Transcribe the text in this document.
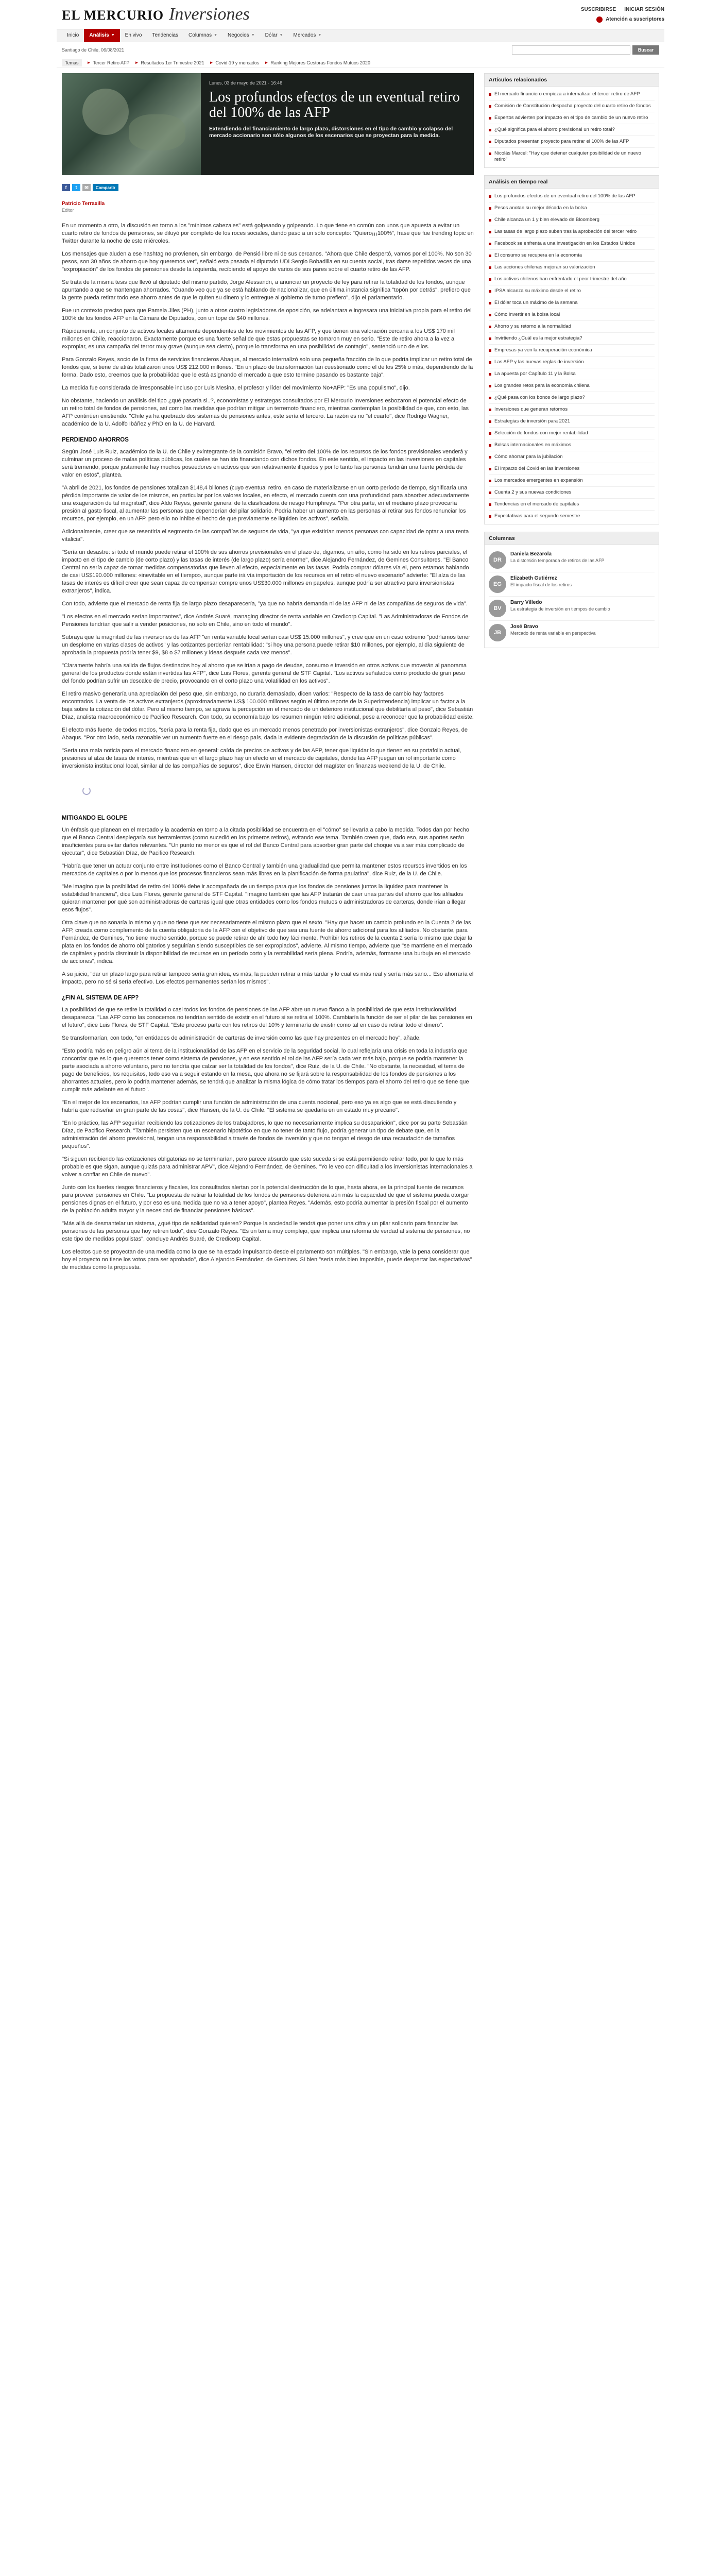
EL MERCURIO Inversiones	SUSCRIBIRSE INICIAR SESIÓN
Atención a suscriptores
Inicio Análisis ▼ En vivo Tendencias Columnas ▼ Negocios ▼ Dólar ▼ Mercados ▼
Santiago de Chile, 06/08/2021	Buscar
Temas	► Tercer Retiro AFP ► Resultados 1er Trimestre 2021 ► Covid-19 y mercados ► Ranking Mejores Gestoras Fondos Mutuos 2020
Lunes, 03 de mayo de 2021 - 16:46
Los profundos efectos de un eventual retiro del 100% de las AFP
Extendiendo del financiamiento de largo plazo, distorsiones en el tipo de cambio y colapso del mercado accionario son sólo algunos de los escenarios que se proyectan para la medida.
f	t	✉	Compartir
Patricio Terraxilla
Editor

En un momento a otro, la discusión en torno a los "mínimos cabezales" está golpeando y golpeando. Lo que tiene en común con unos que apuesta a evitar un cuarto retiro de fondos de pensiones, se diluyó por completo de los roces sociales, dando paso a un sólo concepto: "Quiero¡¡¡100%", frase que fue trending topic en Twitter durante la noche de este miércoles.

Los mensajes que aluden a ese hashtag no provienen, sin embargo, de Pensió libre ni de sus cercanos. "Ahora que Chile despertó, vamos por el 100%. No son 30 pesos, son 30 años de ahorro que hoy queremos ver", señaló esta pasada el diputado UDI Sergio Bobadilla en su cuenta social, tras darse repetidos veces de una "expropiación" de los fondos de pensiones desde la izquierda, recibiendo el apoyo de varios de sus pares sobre el cuarto retiro de las AFP.

Se trata de la misma tesis que llevó al diputado del mismo partido, Jorge Alessandri, a anunciar un proyecto de ley para retirar la totalidad de los fondos, aunque apuntando a que se mantengan ahorrados. "Cuando veo que ya se está hablando de nacionalizar, que en última instancia significa "topón por detrás", prefiero que la gente pueda retirar todo ese ahorro antes de que le quiten su dinero y lo entregue al gobierno de turno prefiero", dijo el parlamentario.

Fue un contexto preciso para que Pamela Jiles (PH), junto a otros cuatro legisladores de oposición, se adelantara e ingresara una iniciativa propia para el retiro del 100% de los fondos AFP en la Cámara de Diputados, con un tope de $40 millones.

Rápidamente, un conjunto de activos locales altamente dependientes de los movimientos de las AFP, y que tienen una valoración cercana a los US$ 170 mil millones en Chile, reaccionaron. Exactamente porque es una fuerte señal de que estas propuestas se tomaron muy en serio. "Este de retiro ahora a la vez a expropiar, es una campaña del terror muy grave (aunque sea cierto), porque lo transforma en una posibilidad de contagio", sentenció uno de ellos.

Para Gonzalo Reyes, socio de la firma de servicios financieros Abaqus, al mercado internalizó solo una pequeña fracción de lo que podría implicar un retiro total de fondos que, si tiene de atrás totalizaron unos US$ 212.000 millones. "En un plazo de transformación tan cuestionado como el de los 25% o más, dependiendo de la forma. Dado esto, creemos que la probabilidad que le está asignando el mercado a que esto termine pasando es bastante baja".

La medida fue considerada de irresponsable incluso por Luis Mesina, el profesor y líder del movimiento No+AFP: "Es una populismo", dijo.

No obstante, haciendo un análisis del tipo ¿qué pasaría si..?, economistas y estrategas consultados por El Mercurio Inversiones esbozaron el potencial efecto de un retiro total de fondos de pensiones, así como las medidas que podrían mitigar un terremoto financiero, mientras contemplan la posibilidad de que, con esto, las AFP continúen existiendo. "Chile ya ha quebrado dos sistemas de pensiones antes, este sería el tercero. La razón es no "el cuarto", dice Rodrigo Wagner, académico de la U. Adolfo Ibáñez y PhD en la U. de Harvard.

PERDIENDO AHORROS

Según José Luis Ruiz, académico de la U. de Chile y exintegrante de la comisión Bravo, "el retiro del 100% de los recursos de los fondos previsionales venderá y culminar un proceso de malas políticas públicas, los cuales se han ido financiando con dichos fondos. En este sentido, el impacto en las inversiones en capitales será tremendo, porque justamente hay muchos poseedores en activos que son relativamente ilíquidos y por lo tanto las personas tendrán una fuerte pérdida de valor en estos", plantea.

"A abril de 2021, los fondos de pensiones totalizan $148,4 billones (cuyo eventual retiro, en caso de materializarse en un corto período de tiempo, significaría una pérdida importante de valor de los mismos, en particular por los valores locales, en efecto, el mercado cuenta con una profundidad para absorber adecuadamente una exageración de tal magnitud", dice Aldo Reyes, gerente general de la clasificadora de riesgo Humphreys. "Por otra parte, en el mediano plazo provocaría presión al gasto fiscal, al aumentar las personas que dependerían del pilar solidario. Podría haber un aumento en las personas al retirar sus fondos renunciar los recursos, por ejemplo, en un AFP, pero ello no inhibe el hecho de que previamente se liquiden los activos", señala.

Adicionalmente, creer que se resentiría el segmento de las compañías de seguros de vida, "ya que existirían menos personas con capacidad de optar a una renta vitalicia".

"Sería un desastre: si todo el mundo puede retirar el 100% de sus ahorros previsionales en el plazo de, digamos, un año, como ha sido en los retiros parciales, el impacto en el tipo de cambio (de corto plazo) y las tasas de interés (de largo plazo) sería enorme", dice Alejandro Fernández, de Gemines Consultores. "El Banco Central no sería capaz de tomar medidas compensatorias que lleven al efecto, especialmente en las tasas. Podría comprar dólares vía el, pero estamos hablando de casi US$190.000 millones: «inevitable en el tiempo», aunque parte irá vía importación de los recursos en el retiro el nuevo escenario" advierte: "El alza de las tasas de interés es difícil creer que sean capaz de compensar compre unos US$30.000 millones en papeles, aunque podría ser atractivo para inversionistas extranjeros", indica.

Con todo, advierte que el mercado de renta fija de largo plazo desaparecería, "ya que no habría demanda ni de las AFP ni de las compañías de seguros de vida".

"Los efectos en el mercado serían importantes", dice Andrés Suaré, managing director de renta variable en Credicorp Capital. "Las Administradoras de Fondos de Pensiones tendrían que salir a vender posiciones, no solo en Chile, sino en todo el mundo".

Subraya que la magnitud de las inversiones de las AFP "en renta variable local serían casi US$ 15.000 millones", y cree que en un caso extremo "podríamos tener un desplome en varias clases de activos" y las cotizantes perderían rentabilidad: "si hoy una persona puede retirar $10 millones, por ejemplo, al día siguiente de aprobada la propuesta podría tener $9, $8 o $7 millones y ideas después cada vez menos".

"Claramente habría una salida de flujos destinados hoy al ahorro que se irían a pago de deudas, consumo e inversión en otros activos que moverán al panorama general de los productos donde están invertidas las AFP", dice Luis Flores, gerente general de STF Capital. "Los activos señalados como producto de gran peso del fondo podrían sufrir un descalce de precio, provocando en el corto plazo una volatilidad en los activos".

El retiro masivo generaría una apreciación del peso que, sin embargo, no duraría demasiado, dicen varios: "Respecto de la tasa de cambio hay factores encontrados. La venta de los activos extranjeros (aproximadamente US$ 100.000 millones según el último reporte de la Superintendencia) implicar un factor a la baja sobre la cotización del dólar. Pero al mismo tiempo, se agrava la percepción en el mercado de un deterioro institucional que debilitaría al peso", dice Sebastián Díaz, analista macroeconómico de Pacifico Research. Con todo, su economía bajo los resumen ningún retiro adicional, pese a reconocer que la probabilidad existe.

El efecto más fuerte, de todos modos, "sería para la renta fija, dado que es un mercado menos penetrado por inversionistas extranjeros", dice Gonzalo Reyes, de Abaqus. "Por otro lado, sería razonable ver un aumento fuerte en el riesgo país, dada la evidente degradación de la discusión de políticas públicas".

"Sería una mala noticia para el mercado financiero en general: caída de precios de activos y de las AFP, tener que liquidar lo que tienen en su portafolio actual, presiones al alza de tasas de interés, mientras que en el largo plazo hay un efecto en el mercado de capitales, donde las AFP juegan un rol importante como inversionista institucional local, similar al de las compañías de seguros", dice Erwin Hansen, director del magíster en finanzas weekend de la U. de Chile.

MITIGANDO EL GOLPE

Un énfasis que planean en el mercado y la academia en torno a la citada posibilidad se encuentra en el "cómo" se llevaría a cabo la medida. Todos dan por hecho que el Banco Central desplegaría sus herramientas (como sucedió en los primeros retiros), evitando ese tema. También creen que, dado eso, sus aportes serán insuficientes para evitar daños relevantes. "Un punto no menor es que el rol del Banco Central para absorber gran parte del choque va a ser más complicado de ejecutar", dice Sebastián Díaz, de Pacifico Research.

"Habría que tener un actuar conjunto entre instituciones como el Banco Central y también una gradualidad que permita mantener estos recursos invertidos en los mercados de capitales o por lo menos que los procesos financieros sean más libres en la planificación de forma paulatina", dice Ruiz, de la U. de Chile.

"Me imagino que la posibilidad de retiro del 100% debe ir acompañada de un tiempo para que los fondos de pensiones juntos la liquidez para mantener la estabilidad financiera", dice Luis Flores, gerente general de STF Capital. "Imagino también que las AFP tratarán de caer unas partes del ahorro que los afiliados quieran mantener por qué son administradoras de carteras igual que otras entidades como los fondos mutuos o administradoras de carteras, donde irían a llegar esos flujos".

Otra clave que no sonaría lo mismo y que no tiene que ser necesariamente el mismo plazo que el sexto. "Hay que hacer un cambio profundo en la Cuenta 2 de las AFP, creada como complemento de la cuenta obligatoria de la AFP con el objetivo de que sea una fuente de ahorro adicional para los afiliados. No obstante, para Fernández, de Gemines, "no tiene mucho sentido, porque se puede retirar de ahí todo hoy fácilmente. Prohíbir los retiros de la cuenta 2 sería lo mismo que dejar la plata en los fondos de ahorro obligatorios y seguirían siendo susceptibles de ser expropiados", advierte. Al mismo tiempo, advierte que "se mantiene en el mercado de capitales y podría disminuir la disponibilidad de recursos en un período corto y la rentabilidad sería plena. Podría, además, formarse una burbuja en el mercado de acciones", indica.

A su juicio, "dar un plazo largo para retirar tampoco sería gran idea, es más, la pueden retirar a más tardar y lo cual es más real y sería más sano... Eso ahorraría el impacto, pero no sé si sería efectivo. Los efectos permanentes serían los mismos".

¿FIN AL SISTEMA DE AFP?

La posibilidad de que se retire la totalidad o casi todos los fondos de pensiones de las AFP abre un nuevo flanco a la posibilidad de que esta institucionalidad desaparezca. "Las AFP como las conocemos no tendrían sentido de existir en el futuro si se retira el 100%. Cambiaría la función de ser el pilar de las pensiones en el futuro", dice Luis Flores, de STF Capital. "Este proceso parte con los retiros del 10% y terminaría de existir como tal en caso de retirar todo el dinero".

Se transformarían, con todo, "en entidades de administración de carteras de inversión como las que hay presentes en el mercado hoy", añade.

"Esto podría más en peligro aún al tema de la institucionalidad de las AFP en el servicio de la seguridad social, lo cual reflejaría una crisis en toda la industria que concordar que es lo que queremos tener como sistema de pensiones, y en ese sentido el rol de las AFP sería cada vez más bajo, porque se podría mantener la parte asociada a ahorro voluntario, pero no tendría que calzar ser la totalidad de los fondos", dice Ruiz, de la U. de Chile. "No obstante, la necesidad, el tema de pago de beneficios, los requisitos, todo eso va a seguir estando en la mesa, que ahora no se fijará sobre la responsabilidad de los fondos de pensiones a los ahorrantes actuales, pero lo podría mantener además, se tendrá que analizar la misma lógica de cómo tratar los tiempos para el ahorro del retiro que se tiene que cumplir más adelante en el futuro".

"En el mejor de los escenarios, las AFP podrían cumplir una función de administración de una cuenta nocional, pero eso ya es algo que se está discutiendo y habría que rediseñar en gran parte de las cosas", dice Hansen, de la U. de Chile. "El sistema se quedaría en un estado muy precario".

"En lo práctico, las AFP seguirían recibiendo las cotizaciones de los trabajadores, lo que no necesariamente implica su desaparición", dice por su parte Sebastián Díaz, de Pacifico Research. "También persisten que un escenario hipotético en que no tener de tanto flujo, podría generar un tipo de debate que, en la administración del ahorro previsional, tengan una responsabilidad a través de fondos de inversión y que no tengan el riesgo de una recaudación de tamaños pequeños".

"Si siguen recibiendo las cotizaciones obligatorias no se terminarían, pero parece absurdo que esto suceda si se está permitiendo retirar todo, por lo que lo más probable es que sigan, aunque quizás para administrar APV", dice Alejandro Fernández, de Gemines. "Yo le veo con dificultad a los inversionistas internacionales a volver a confiar en Chile de nuevo".

Junto con los fuertes riesgos financieros y fiscales, los consultados alertan por la potencial destrucción de lo que, hasta ahora, es la principal fuente de recursos para proveer pensiones en Chile. "La propuesta de retirar la totalidad de los fondos de pensiones deteriora aún más la capacidad de que el sistema pueda otorgar pensiones dignas en el futuro, y por eso es una medida que no va a tener apoyo", plantea Reyes. "Además, esto podría aumentar la presión fiscal por el aumento de la población adulta mayor y la necesidad de financiar pensiones básicas".

"Más allá de desmantelar un sistema, ¿qué tipo de solidaridad quieren? Porque la sociedad le tendrá que poner una cifra y un pilar solidario para financiar las pensiones de las personas que hoy retiren todo", dice Gonzalo Reyes. "Es un tema muy complejo, que implica una reforma de verdad al sistema de pensiones, no este tipo de medidas populistas", concluye Andrés Suaré, de Credicorp Capital.

Los efectos que se proyectan de una medida como la que se ha estado impulsando desde el parlamento son múltiples. "Sin embargo, vale la pena considerar que hoy el proyecto no tiene los votos para ser aprobado", dice Alejandro Fernández, de Gemines. Si bien "sería más bien imposible, puede despertar las expectativas" de medidas como la propuesta.

Artículos relacionados
El mercado financiero empieza a internalizar el tercer retiro de AFP
Comisión de Constitución despacha proyecto del cuarto retiro de fondos
Expertos advierten por impacto en el tipo de cambio de un nuevo retiro
¿Qué significa para el ahorro previsional un retiro total?
Diputados presentan proyecto para retirar el 100% de las AFP
Nicolás Marcel: "Hay que detener cualquier posibilidad de un nuevo retiro"
Análisis en tiempo real
Los profundos efectos de un eventual retiro del 100% de las AFP
Pesos anotan su mejor década en la bolsa
Chile alcanza un 1 y bien elevado de Bloomberg
Las tasas de largo plazo suben tras la aprobación del tercer retiro
Facebook se enfrenta a una investigación en los Estados Unidos
El consumo se recupera en la economía
Las acciones chilenas mejoran su valorización
Los activos chilenos han enfrentado el peor trimestre del año
IPSA alcanza su máximo desde el retiro
El dólar toca un máximo de la semana
Cómo invertir en la bolsa local
Ahorro y su retorno a la normalidad
Invirtiendo ¿Cuál es la mejor estrategia?
Empresas ya ven la recuperación económica
Las AFP y las nuevas reglas de inversión
La apuesta por Capítulo 11 y la Bolsa
Los grandes retos para la economía chilena
¿Qué pasa con los bonos de largo plazo?
Inversiones que generan retornos
Estrategias de inversión para 2021
Selección de fondos con mejor rentabilidad
Bolsas internacionales en máximos
Cómo ahorrar para la jubilación
El impacto del Covid en las inversiones
Los mercados emergentes en expansión
Cuenta 2 y sus nuevas condiciones
Tendencias en el mercado de capitales
Expectativas para el segundo semestre
Columnas
DR
Daniela Bezarola
La distorsión temporada de retiros de las AFP
EG
Elizabeth Gutiérrez
El impacto fiscal de los retiros
BV
Barry Villedo
La estrategia de inversión en tiempos de cambio
JB
José Bravo
Mercado de renta variable en perspectiva
